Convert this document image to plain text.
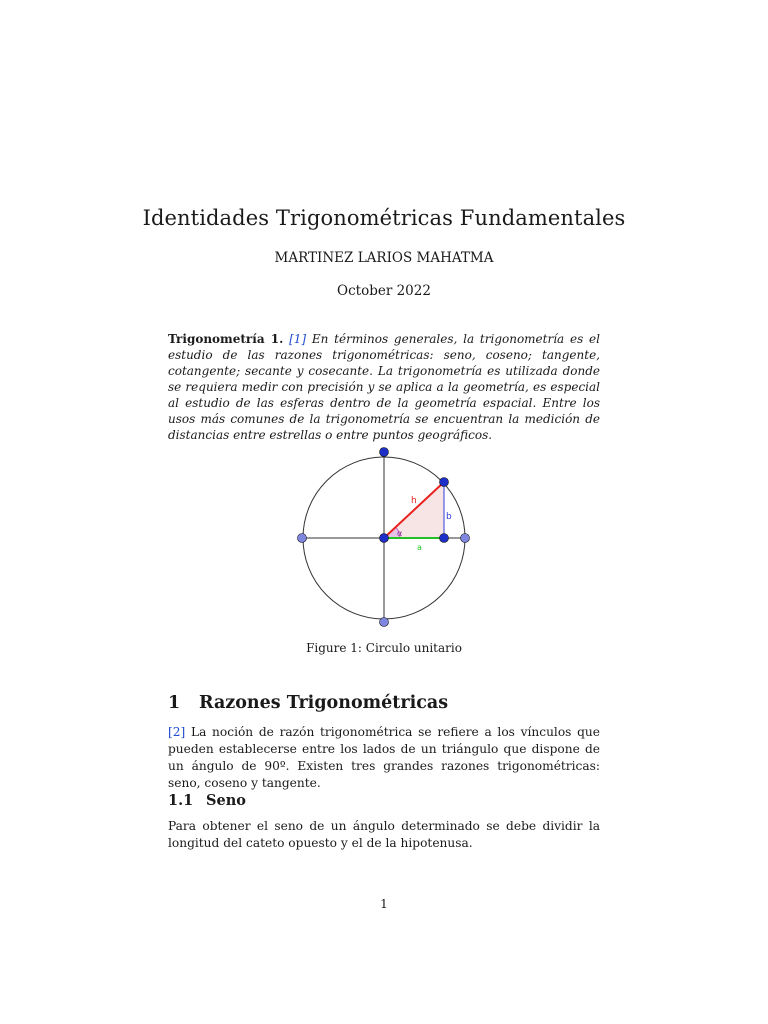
Identidades Trigonométricas Fundamentales
MARTINEZ LARIOS MAHATMA
October 2022
Trigonometría 1. [1] En términos generales, la trigonometría es el estudio de las razones trigonométricas: seno, coseno; tangente, cotangente; secante y cosecante. La trigonometría es utilizada donde se requiera medir con precisión y se aplica a la geometría, es especial al estudio de las esferas dentro de la geometría espacial. Entre los usos más comunes de la trigonometría se encuentran la medición de distancias entre estrellas o entre puntos geográficos.
h
b
a
α
Figure 1: Circulo unitario
1 Razones Trigonométricas
[2] La noción de razón trigonométrica se refiere a los vínculos que pueden establecerse entre los lados de un triángulo que dispone de un ángulo de 90º. Existen tres grandes razones trigonométricas: seno, coseno y tangente.
1.1 Seno
Para obtener el seno de un ángulo determinado se debe dividir la longitud del cateto opuesto y el de la hipotenusa.
1
